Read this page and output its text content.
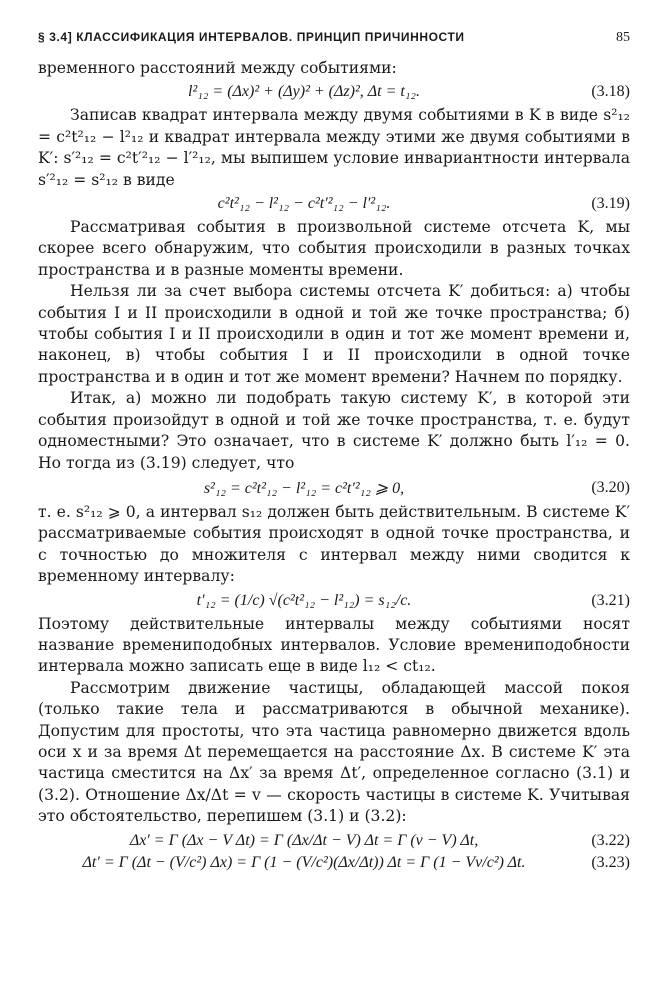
§ 3.4] КЛАССИФИКАЦИЯ ИНТЕРВАЛОВ. ПРИНЦИП ПРИЧИННОСТИ	85

временного расстояний между событиями:

l²₁₂ = (Δx)² + (Δy)² + (Δz)², Δt = t₁₂.	(3.18)

Записав квадрат интервала между двумя событиями в K в виде s²₁₂ = c²t²₁₂ − l²₁₂ и квадрат интервала между этими же двумя событиями в K′: s′²₁₂ = c²t′²₁₂ − l′²₁₂, мы выпишем условие инвариантности интервала s′²₁₂ = s²₁₂ в виде

c²t²₁₂ − l²₁₂ − c²t′²₁₂ − l′²₁₂.	(3.19)

Рассматривая события в произвольной системе отсчета K, мы скорее всего обнаружим, что события происходили в разных точках пространства и в разные моменты времени.

Нельзя ли за счет выбора системы отсчета K′ добиться: а) чтобы события I и II происходили в одной и той же точке пространства; б) чтобы события I и II происходили в один и тот же момент времени и, наконец, в) чтобы события I и II происходили в одной точке пространства и в один и тот же момент времени? Начнем по порядку.

Итак, а) можно ли подобрать такую систему K′, в которой эти события произойдут в одной и той же точке пространства, т. е. будут одноместными? Это означает, что в системе K′ должно быть l′₁₂ = 0. Но тогда из (3.19) следует, что

s²₁₂ = c²t²₁₂ − l²₁₂ = c²t′²₁₂ ⩾ 0,	(3.20)

т. е. s²₁₂ ⩾ 0, а интервал s₁₂ должен быть действительным. В системе K′ рассматриваемые события происходят в одной точке пространства, и с точностью до множителя c интервал между ними сводится к временному интервалу:

t′₁₂ = (1/c) √(c²t²₁₂ − l²₁₂) = s₁₂/c.	(3.21)

Поэтому действительные интервалы между событиями носят название времениподобных интервалов. Условие времениподобности интервала можно записать еще в виде l₁₂ < ct₁₂.

Рассмотрим движение частицы, обладающей массой покоя (только такие тела и рассматриваются в обычной механике). Допустим для простоты, что эта частица равномерно движется вдоль оси x и за время Δt перемещается на расстояние Δx. В системе K′ эта частица сместится на Δx′ за время Δt′, определенное согласно (3.1) и (3.2). Отношение Δx/Δt = v — скорость частицы в системе K. Учитывая это обстоятельство, перепишем (3.1) и (3.2):

Δx′ = Γ (Δx − V Δt) = Γ (Δx/Δt − V) Δt = Γ (v − V) Δt,	(3.22)
Δt′ = Γ (Δt − (V/c²) Δx) = Γ (1 − (V/c²)(Δx/Δt)) Δt = Γ (1 − Vv/c²) Δt.	(3.23)
